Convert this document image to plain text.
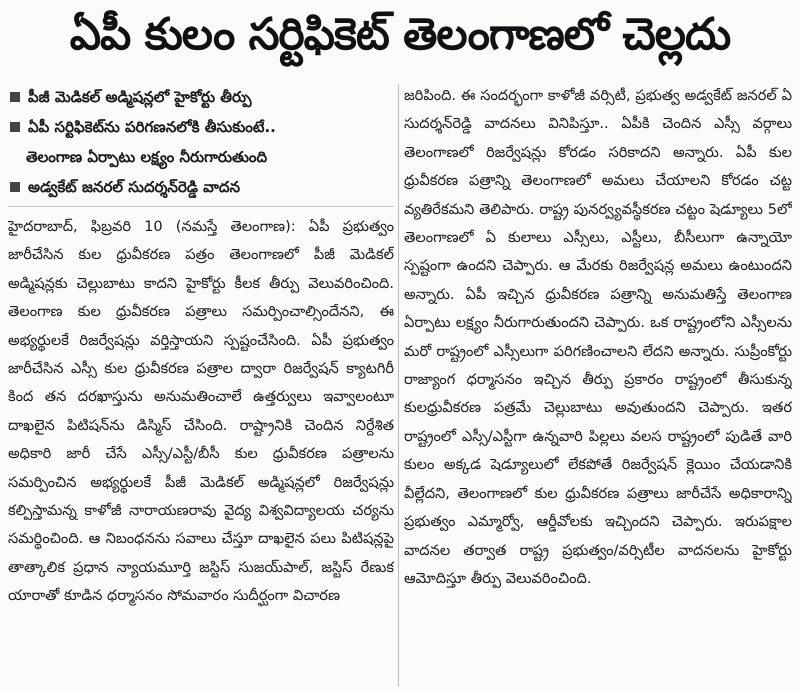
ఏపీ కులం సర్టిఫికెట్ తెలంగాణలో చెల్లదు
పీజీ మెడికల్ అడ్మిషన్లలో హైకోర్టు తీర్పు
ఏపీ సర్టిఫికెట్‌ను పరిగణనలోకి తీసుకుంటే..
తెలంగాణ ఏర్పాటు లక్ష్యం నీరుగారుతుంది
అడ్వకేట్ జనరల్ సుదర్శన్‌రెడ్డి వాదన

హైదరాబాద్, ఫిబ్రవరి 10 (నమస్తే తెలంగాణ): ఏపీ ప్రభుత్వం జారీచేసిన కుల ధ్రువీకరణ పత్రం తెలంగాణలో పీజీ మెడికల్ అడ్మిషన్లకు చెల్లుబాటు కాదని హైకోర్టు కీలక తీర్పు వెలువరించింది. తెలంగాణ కుల ధ్రువీకరణ పత్రాలు సమర్పించాల్సిందేనని, ఈ అభ్యర్థులకే రిజర్వేషన్లు వర్తిస్తాయని స్పష్టంచేసింది. ఏపీ ప్రభుత్వం జారీచేసిన ఎస్సీ కుల ధ్రువీకరణ పత్రాల ద్వారా రిజర్వేషన్ క్యాటగిరీ కింద తన దరఖాస్తును అనుమతించాలే ఉత్తర్వులు ఇవ్వాలంటూ దాఖలైన పిటిషన్‌ను డిస్మిస్ చేసింది. రాష్ట్రానికి చెందిన నిర్దేశిత అధికారి జారీ చేసే ఎస్సీ/ఎస్టీ/బీసీ కుల ధ్రువీకరణ పత్రాలను సమర్పించిన అభ్యర్థులకే పీజీ మెడికల్ అడ్మిషన్లలో రిజర్వేషన్లు కల్పిస్తామన్న కాళోజీ నారాయణరావు వైద్య విశ్వవిద్యాలయ చర్యను సమర్థించింది. ఆ నిబంధనను సవాలు చేస్తూ దాఖలైన పలు పిటిషన్లపై తాత్కాలిక ప్రధాన న్యాయమూర్తి జస్టిస్ సుజయ్‌పాల్, జస్టిస్ రేణుక యారాతో కూడిన ధర్మాసనం సోమవారం సుదీర్ఘంగా విచారణ

జరిపింది. ఈ సందర్భంగా కాళోజీ వర్సిటీ, ప్రభుత్వ అడ్వకేట్ జనరల్ ఏ సుదర్శన్‌రెడ్డి వాదనలు వినిపిస్తూ.. ఏపీకి చెందిన ఎస్సీ వర్గాలు తెలంగాణలో రిజర్వేషన్లు కోరడం సరికాదని అన్నారు. ఏపీ కుల ధ్రువీకరణ పత్రాన్ని తెలంగాణలో అమలు చేయాలని కోరడం చట్ట వ్యతిరేకమని తెలిపారు. రాష్ట్ర పునర్వ్యవస్థీకరణ చట్టం షెడ్యూలు 5లో తెలంగాణలో ఏ కులాలు ఎస్సీలు, ఎస్టీలు, బీసీలుగా ఉన్నాయో స్పష్టంగా ఉందని చెప్పారు. ఆ మేరకు రిజర్వేషన్ల అమలు ఉంటుందని అన్నారు. ఏపీ ఇచ్చిన ధ్రువీకరణ పత్రాన్ని అనుమతిస్తే తెలంగాణ ఏర్పాటు లక్ష్యం నీరుగారుతుందని చెప్పారు. ఒక రాష్ట్రంలోని ఎస్సీలను మరో రాష్ట్రంలో ఎస్సీలుగా పరిగణించాలని లేదని అన్నారు. సుప్రీంకోర్టు రాజ్యాంగ ధర్మాసనం ఇచ్చిన తీర్పు ప్రకారం రాష్ట్రంలో తీసుకున్న కులధ్రువీకరణ పత్రమే చెల్లుబాటు అవుతుందని చెప్పారు. ఇతర రాష్ట్రంలో ఎస్సీ/ఎస్టీగా ఉన్నవారి పిల్లలు వలస రాష్ట్రంలో పుడితే వారి కులం అక్కడ షెడ్యూలులో లేకపోతే రిజర్వేషన్ క్లెయిం చేయడానికి వీల్లేదని, తెలంగాణలో కుల ధ్రువీకరణ పత్రాలు జారీచేసే అధికారాన్ని ప్రభుత్వం ఎమ్మార్వో, ఆర్డీవోలకు ఇచ్చిందని చెప్పారు. ఇరుపక్షాల వాదనల తర్వాత రాష్ట్ర ప్రభుత్వం/వర్సిటీల వాదనలను హైకోర్టు ఆమోదిస్తూ తీర్పు వెలువరించింది.
